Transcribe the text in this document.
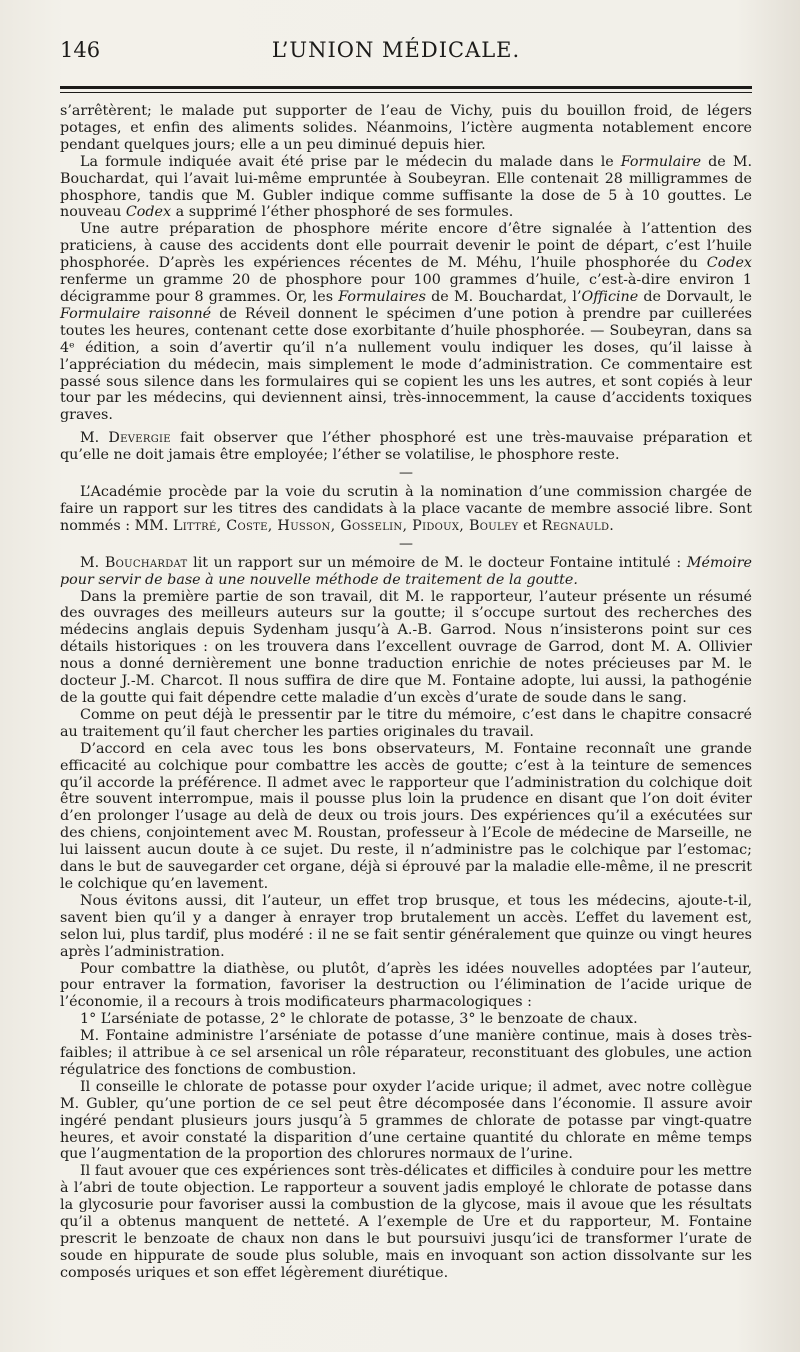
146	L’UNION MÉDICALE.

s’arrêtèrent; le malade put supporter de l’eau de Vichy, puis du bouillon froid, de légers potages, et enfin des aliments solides. Néanmoins, l’ictère augmenta notablement encore pendant quelques jours; elle a un peu diminué depuis hier.

La formule indiquée avait été prise par le médecin du malade dans le Formulaire de M. Bouchardat, qui l’avait lui-même empruntée à Soubeyran. Elle contenait 28 milligrammes de phosphore, tandis que M. Gubler indique comme suffisante la dose de 5 à 10 gouttes. Le nouveau Codex a supprimé l’éther phosphoré de ses formules.

Une autre préparation de phosphore mérite encore d’être signalée à l’attention des praticiens, à cause des accidents dont elle pourrait devenir le point de départ, c’est l’huile phosphorée. D’après les expériences récentes de M. Méhu, l’huile phosphorée du Codex renferme un gramme 20 de phosphore pour 100 grammes d’huile, c’est-à-dire environ 1 décigramme pour 8 grammes. Or, les Formulaires de M. Bouchardat, l’Officine de Dorvault, le Formulaire raisonné de Réveil donnent le spécimen d’une potion à prendre par cuillerées toutes les heures, contenant cette dose exorbitante d’huile phosphorée. — Soubeyran, dans sa 4ᵉ édition, a soin d’avertir qu’il n’a nullement voulu indiquer les doses, qu’il laisse à l’appréciation du médecin, mais simplement le mode d’administration. Ce commentaire est passé sous silence dans les formulaires qui se copient les uns les autres, et sont copiés à leur tour par les médecins, qui deviennent ainsi, très-innocemment, la cause d’accidents toxiques graves.

M. Devergie fait observer que l’éther phosphoré est une très-mauvaise préparation et qu’elle ne doit jamais être employée; l’éther se volatilise, le phosphore reste.

—

L’Académie procède par la voie du scrutin à la nomination d’une commission chargée de faire un rapport sur les titres des candidats à la place vacante de membre associé libre. Sont nommés : MM. Littré, Coste, Husson, Gosselin, Pidoux, Bouley et Regnauld.

—

M. Bouchardat lit un rapport sur un mémoire de M. le docteur Fontaine intitulé : Mémoire pour servir de base à une nouvelle méthode de traitement de la goutte.

Dans la première partie de son travail, dit M. le rapporteur, l’auteur présente un résumé des ouvrages des meilleurs auteurs sur la goutte; il s’occupe surtout des recherches des médecins anglais depuis Sydenham jusqu’à A.-B. Garrod. Nous n’insisterons point sur ces détails historiques : on les trouvera dans l’excellent ouvrage de Garrod, dont M. A. Ollivier nous a donné dernièrement une bonne traduction enrichie de notes précieuses par M. le docteur J.-M. Charcot. Il nous suffira de dire que M. Fontaine adopte, lui aussi, la pathogénie de la goutte qui fait dépendre cette maladie d’un excès d’urate de soude dans le sang.

Comme on peut déjà le pressentir par le titre du mémoire, c’est dans le chapitre consacré au traitement qu’il faut chercher les parties originales du travail.

D’accord en cela avec tous les bons observateurs, M. Fontaine reconnaît une grande efficacité au colchique pour combattre les accès de goutte; c’est à la teinture de semences qu’il accorde la préférence. Il admet avec le rapporteur que l’administration du colchique doit être souvent interrompue, mais il pousse plus loin la prudence en disant que l’on doit éviter d’en prolonger l’usage au delà de deux ou trois jours. Des expériences qu’il a exécutées sur des chiens, conjointement avec M. Roustan, professeur à l’Ecole de médecine de Marseille, ne lui laissent aucun doute à ce sujet. Du reste, il n’administre pas le colchique par l’estomac; dans le but de sauvegarder cet organe, déjà si éprouvé par la maladie elle-même, il ne prescrit le colchique qu’en lavement.

Nous évitons aussi, dit l’auteur, un effet trop brusque, et tous les médecins, ajoute-t-il, savent bien qu’il y a danger à enrayer trop brutalement un accès. L’effet du lavement est, selon lui, plus tardif, plus modéré : il ne se fait sentir généralement que quinze ou vingt heures après l’administration.

Pour combattre la diathèse, ou plutôt, d’après les idées nouvelles adoptées par l’auteur, pour entraver la formation, favoriser la destruction ou l’élimination de l’acide urique de l’économie, il a recours à trois modificateurs pharmacologiques :

1° L’arséniate de potasse, 2° le chlorate de potasse, 3° le benzoate de chaux.

M. Fontaine administre l’arséniate de potasse d’une manière continue, mais à doses très-faibles; il attribue à ce sel arsenical un rôle réparateur, reconstituant des globules, une action régulatrice des fonctions de combustion.

Il conseille le chlorate de potasse pour oxyder l’acide urique; il admet, avec notre collègue M. Gubler, qu’une portion de ce sel peut être décomposée dans l’économie. Il assure avoir ingéré pendant plusieurs jours jusqu’à 5 grammes de chlorate de potasse par vingt-quatre heures, et avoir constaté la disparition d’une certaine quantité du chlorate en même temps que l’augmentation de la proportion des chlorures normaux de l’urine.

Il faut avouer que ces expériences sont très-délicates et difficiles à conduire pour les mettre à l’abri de toute objection. Le rapporteur a souvent jadis employé le chlorate de potasse dans la glycosurie pour favoriser aussi la combustion de la glycose, mais il avoue que les résultats qu’il a obtenus manquent de netteté. A l’exemple de Ure et du rapporteur, M. Fontaine prescrit le benzoate de chaux non dans le but poursuivi jusqu’ici de transformer l’urate de soude en hippurate de soude plus soluble, mais en invoquant son action dissolvante sur les composés uriques et son effet légèrement diurétique.
